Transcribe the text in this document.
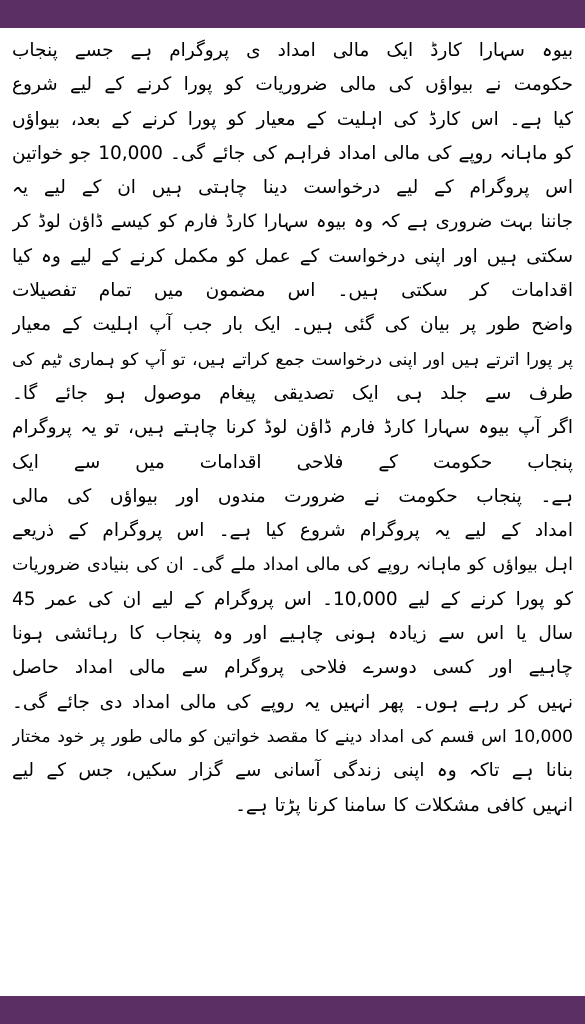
بیوہ سہارا کارڈ ایک مالی امداد ی پروگرام ہے جسے پنجاب
حکومت نے بیواؤں کی مالی ضروریات کو پورا کرنے کے لیے شروع
کیا ہے۔ اس کارڈ کی اہلیت کے معیار کو پورا کرنے کے بعد، بیواؤں
کو ماہانہ روپے کی مالی امداد فراہم کی جائے گی۔ 10,000 جو خواتین
اس پروگرام کے لیے درخواست دینا چاہتی ہیں ان کے لیے یہ
جاننا بہت ضروری ہے کہ وہ بیوہ سہارا کارڈ فارم کو کیسے ڈاؤن لوڈ کر
سکتی ہیں اور اپنی درخواست کے عمل کو مکمل کرنے کے لیے وہ کیا
اقدامات کر سکتی ہیں۔ اس مضمون میں تمام تفصیلات
واضح طور پر بیان کی گئی ہیں۔ ایک بار جب آپ اہلیت کے معیار
پر پورا اترتے ہیں اور اپنی درخواست جمع کراتے ہیں، تو آپ کو ہماری ٹیم کی
طرف سے جلد ہی ایک تصدیقی پیغام موصول ہو جائے گا۔
اگر آپ بیوہ سہارا کارڈ فارم ڈاؤن لوڈ کرنا چاہتے ہیں، تو یہ پروگرام
پنجاب حکومت کے فلاحی اقدامات میں سے ایک
ہے۔ پنجاب حکومت نے ضرورت مندوں اور بیواؤں کی مالی
امداد کے لیے یہ پروگرام شروع کیا ہے۔ اس پروگرام کے ذریعے
اہل بیواؤں کو ماہانہ روپے کی مالی امداد ملے گی۔ ان کی بنیادی ضروریات
کو پورا کرنے کے لیے 10,000۔ اس پروگرام کے لیے ان کی عمر 45
سال یا اس سے زیادہ ہونی چاہیے اور وہ پنجاب کا رہائشی ہونا
چاہیے اور کسی دوسرے فلاحی پروگرام سے مالی امداد حاصل
نہیں کر رہے ہوں۔ پھر انہیں یہ روپے کی مالی امداد دی جائے گی۔
10,000 اس قسم کی امداد دینے کا مقصد خواتین کو مالی طور پر خود مختار
بنانا ہے تاکہ وہ اپنی زندگی آسانی سے گزار سکیں، جس کے لیے
انہیں کافی مشکلات کا سامنا کرنا پڑتا ہے۔
